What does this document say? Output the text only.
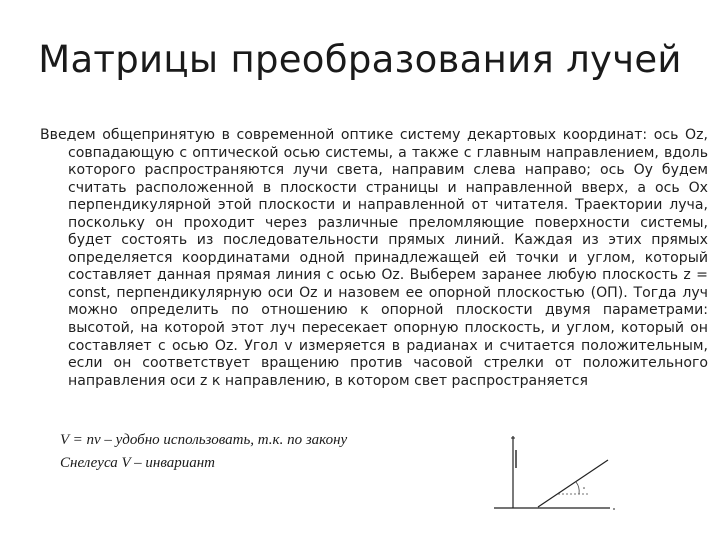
Матрицы преобразования лучей

Введем общепринятую в современной оптике систему декартовых координат: ось Oz, совпадающую с оптической осью системы, а также с главным направлением, вдоль которого распространяются лучи света, направим слева направо; ось Oy будем считать расположенной в плоскости страницы и направленной вверх, а ось Ox перпендикулярной этой плоскости и направленной от читателя. Траектории луча, поскольку он проходит через различные преломляющие поверхности системы, будет состоять из последовательности прямых линий. Каждая из этих прямых определяется координатами одной принадлежащей ей точки и углом, который составляет данная прямая линия с осью Oz. Выберем заранее любую плоскость z = const, перпендикулярную оси Oz и назовем ее опорной плоскостью (ОП). Тогда луч можно определить по отношению к опорной плоскости двумя параметрами: высотой, на которой этот луч пересекает опорную плоскость, и углом, который он составляет с осью Oz. Угол v измеряется в радианах и считается положительным, если он соответствует вращению против часовой стрелки от положительного направления оси z к направлению, в котором свет распространяется

V = nv – удобно использовать, т.к. по закону
Снелеуса V – инвариант
